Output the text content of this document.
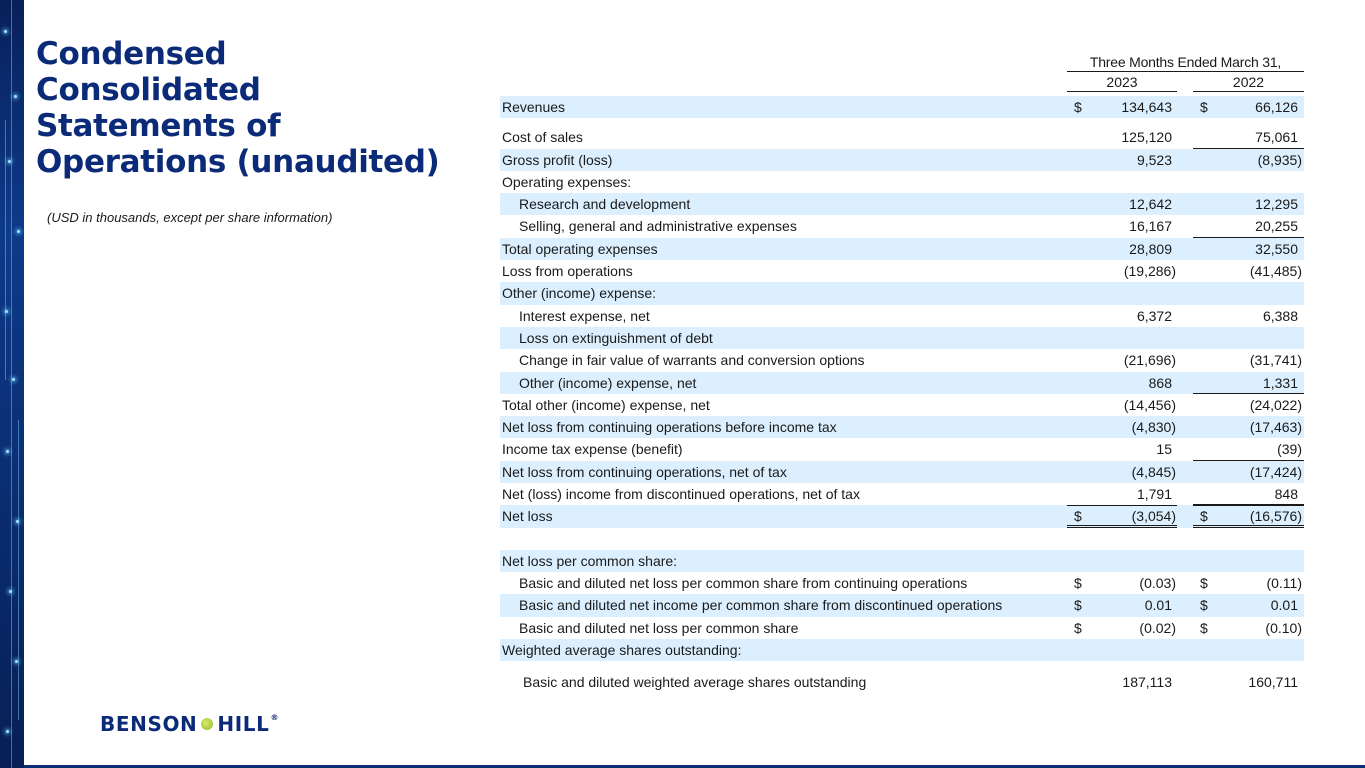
Condensed
Consolidated
Statements of
Operations (unaudited)
(USD in thousands, except per share information)
BENSON HILL ®
Three Months Ended March 31,
2023	2022
Revenues	$	134,643 $	66,126
Cost of sales	125,120	75,061
Gross profit (loss)	9,523	(8,935)
Operating expenses:
Research and development	12,642	12,295
Selling, general and administrative expenses	16,167	20,255
Total operating expenses	28,809	32,550
Loss from operations	(19,286)	(41,485)
Other (income) expense:
Interest expense, net	6,372	6,388
Loss on extinguishment of debt
Change in fair value of warrants and conversion options	(21,696)	(31,741)
Other (income) expense, net	868	1,331
Total other (income) expense, net	(14,456)	(24,022)
Net loss from continuing operations before income tax	(4,830)	(17,463)
Income tax expense (benefit)	15	(39)
Net loss from continuing operations, net of tax	(4,845)	(17,424)
Net (loss) income from discontinued operations, net of tax	1,791	848
Net loss	$	(3,054) $	(16,576)
Net loss per common share:
Basic and diluted net loss per common share from continuing operations	$	(0.03) $	(0.11)
Basic and diluted net income per common share from discontinued operations	$	0.01 $	0.01
Basic and diluted net loss per common share	$	(0.02) $	(0.10)
Weighted average shares outstanding:
Basic and diluted weighted average shares outstanding	187,113	160,711
